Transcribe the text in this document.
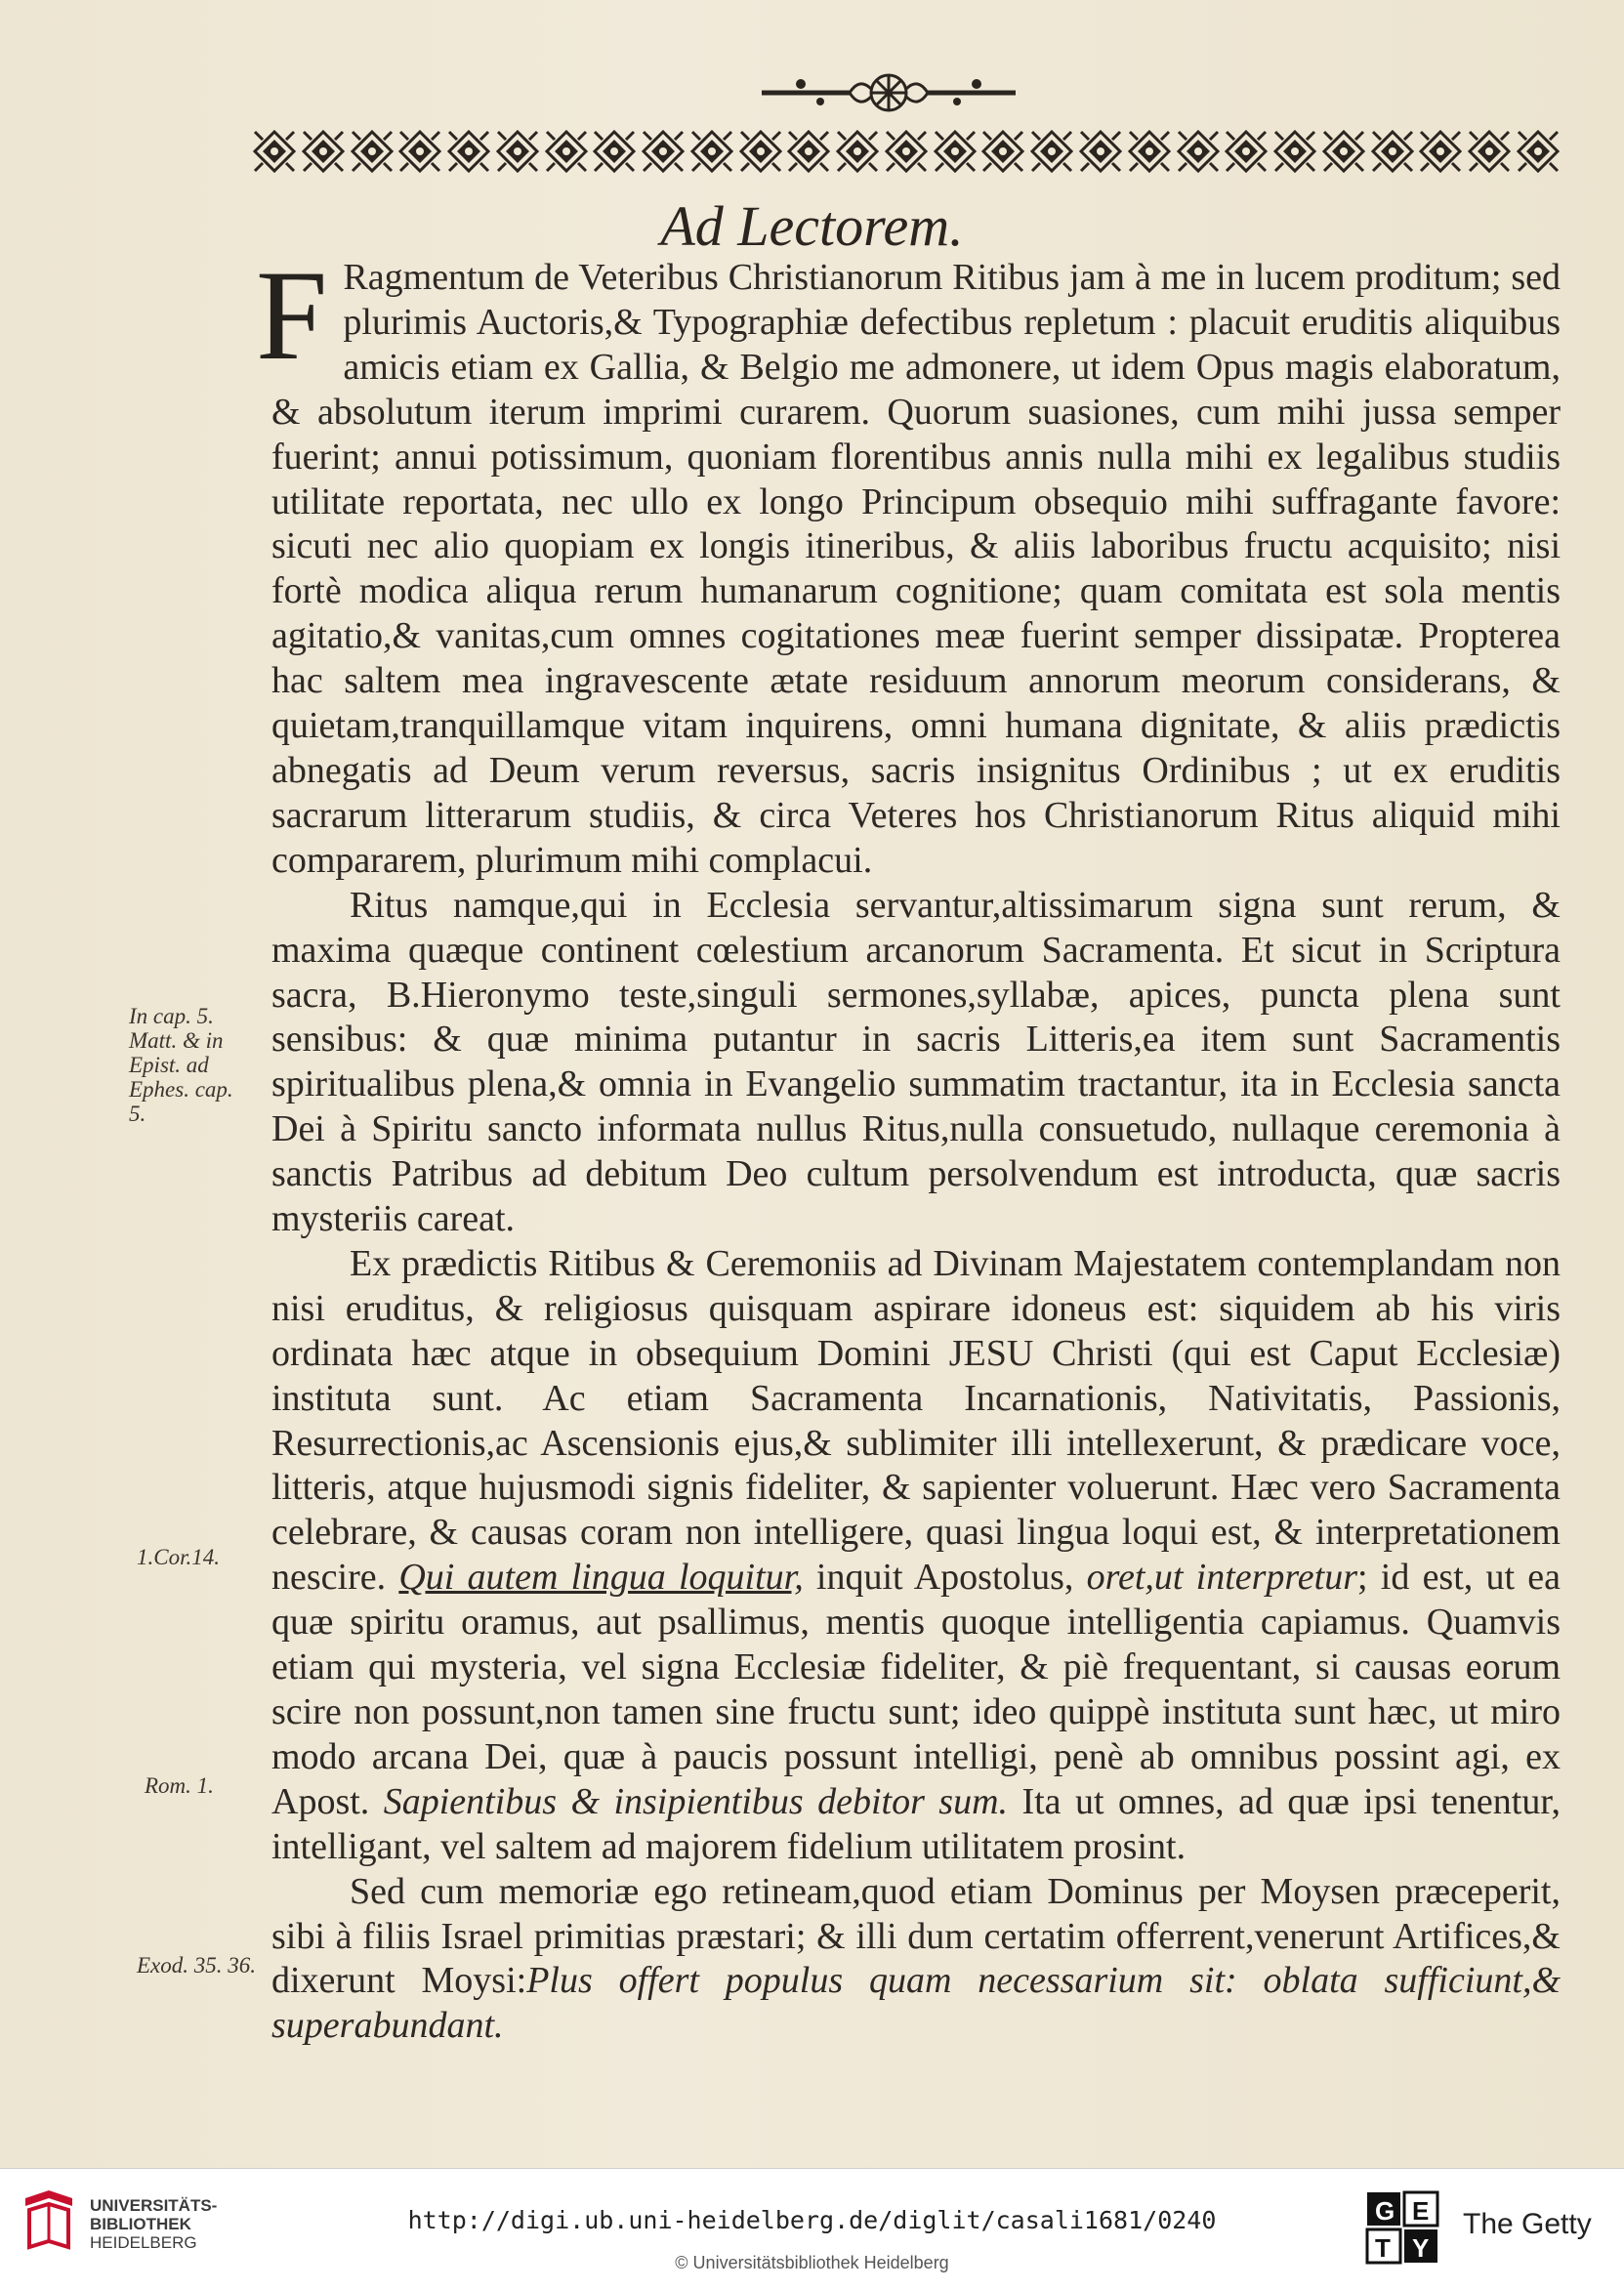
Ad Lectorem.

F Ragmentum de Veteribus Christianorum Ritibus jam à me in lucem proditum; sed plurimis Auctoris,& Typographiæ defectibus repletum : placuit eruditis aliquibus amicis etiam ex Gallia, & Belgio me admonere, ut idem Opus magis elaboratum, & absolutum iterum imprimi curarem. Quorum suasiones, cum mihi jussa semper fuerint; annui potissimum, quoniam florentibus annis nulla mihi ex legalibus studiis utilitate reportata, nec ullo ex longo Principum obsequio mihi suffragante favore: sicuti nec alio quopiam ex longis itineribus, & aliis laboribus fructu acquisito; nisi fortè modica aliqua rerum humanarum cognitione; quam comitata est sola mentis agitatio,& vanitas,cum omnes cogitationes meæ fuerint semper dissipatæ. Propterea hac saltem mea ingravescente ætate residuum annorum meorum considerans, & quietam,tranquillamque vitam inquirens, omni humana dignitate, & aliis prædictis abnegatis ad Deum verum reversus, sacris insignitus Ordinibus ; ut ex eruditis sacrarum litterarum studiis, & circa Veteres hos Christianorum Ritus aliquid mihi compararem, plurimum mihi complacui.

Ritus namque,qui in Ecclesia servantur,altissimarum signa sunt rerum, & maxima quæque continent cœlestium arcanorum Sacramenta. Et sicut in Scriptura sacra, B.Hieronymo teste,singuli sermones,syllabæ, apices, puncta plena sunt sensibus: & quæ minima putantur in sacris Litteris,ea item sunt Sacramentis spiritualibus plena,& omnia in Evangelio summatim tractantur, ita in Ecclesia sancta Dei à Spiritu sancto informata nullus Ritus,nulla consuetudo, nullaque ceremonia à sanctis Patribus ad debitum Deo cultum persolvendum est introducta, quæ sacris mysteriis careat.

Ex prædictis Ritibus & Ceremoniis ad Divinam Majestatem contemplandam non nisi eruditus, & religiosus quisquam aspirare idoneus est: siquidem ab his viris ordinata hæc atque in obsequium Domini JESU Christi (qui est Caput Ecclesiæ) instituta sunt. Ac etiam Sacramenta Incarnationis, Nativitatis, Passionis, Resurrectionis,ac Ascensionis ejus,& sublimiter illi intellexerunt, & prædicare voce, litteris, atque hujusmodi signis fideliter, & sapienter voluerunt. Hæc vero Sacramenta celebrare, & causas coram non intelligere, quasi lingua loqui est, & interpretationem nescire. Qui autem lingua loquitur, inquit Apostolus, oret,ut interpretur; id est, ut ea quæ spiritu oramus, aut psallimus, mentis quoque intelligentia capiamus. Quamvis etiam qui mysteria, vel signa Ecclesiæ fideliter, & piè frequentant, si causas eorum scire non possunt,non tamen sine fructu sunt; ideo quippè instituta sunt hæc, ut miro modo arcana Dei, quæ à paucis possunt intelligi, penè ab omnibus possint agi, ex Apost. Sapientibus & insipientibus debitor sum. Ita ut omnes, ad quæ ipsi tenentur, intelligant, vel saltem ad majorem fidelium utilitatem prosint.

Sed cum memoriæ ego retineam,quod etiam Dominus per Moysen præceperit, sibi à filiis Israel primitias præstari; & illi dum certatim offerrent,venerunt Artifices,& dixerunt Moysi:Plus offert populus quam necessarium sit: oblata sufficiunt,& superabundant.

In cap. 5. Matt. & in Epist. ad Ephes. cap. 5.
1.Cor.14.
Rom. 1.
Exod. 35. 36.
UNIVERSITÄTS-
BIBLIOTHEK
HEIDELBERG
http://digi.ub.uni-heidelberg.de/diglit/casali1681/0240
© Universitätsbibliothek Heidelberg
G E
T Y
The Getty
